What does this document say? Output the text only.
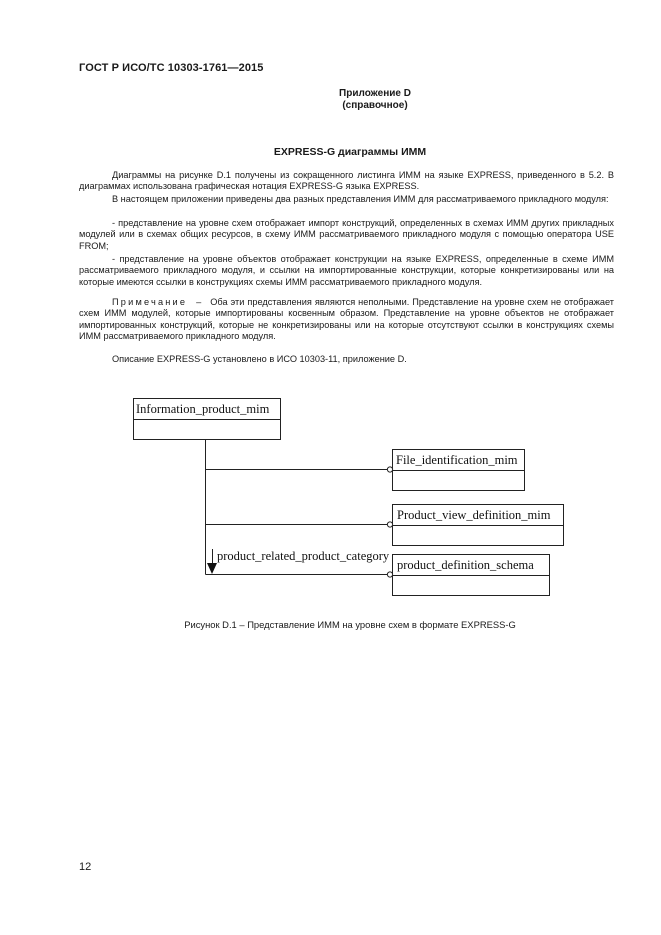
ГОСТ Р ИСО/ТС 10303-1761—2015
Приложение D
(справочное)
EXPRESS-G диаграммы ИММ

Диаграммы на рисунке D.1 получены из сокращенного листинга ИММ на языке EXPRESS, приведенного в 5.2. В диаграммах использована графическая нотация EXPRESS-G языка EXPRESS.

В настоящем приложении приведены два разных представления ИММ для рассматриваемого прикладного модуля:

- представление на уровне схем отображает импорт конструкций, определенных в схемах ИММ других прикладных модулей или в схемах общих ресурсов, в схему ИММ рассматриваемого прикладного модуля с помощью оператора USE FROM;

- представление на уровне объектов отображает конструкции на языке EXPRESS, определенные в схеме ИММ рассматриваемого прикладного модуля, и ссылки на импортированные конструкции, которые конкретизированы или на которые имеются ссылки в конструкциях схемы ИММ рассматриваемого прикладного модуля.

Примечание – Оба эти представления являются неполными. Представление на уровне схем не отображает схем ИММ модулей, которые импортированы косвенным образом. Представление на уровне объектов не отображает импортированных конструкций, которые не конкретизированы или на которые отсутствуют ссылки в конструкциях схемы ИММ рассматриваемого прикладного модуля.

Описание EXPRESS-G установлено в ИСО 10303-11, приложение D.

Information_product_mim
File_identification_mim
Product_view_definition_mim
product_definition_schema
product_related_product_category
Рисунок D.1 – Представление ИММ на уровне схем в формате EXPRESS-G
12
